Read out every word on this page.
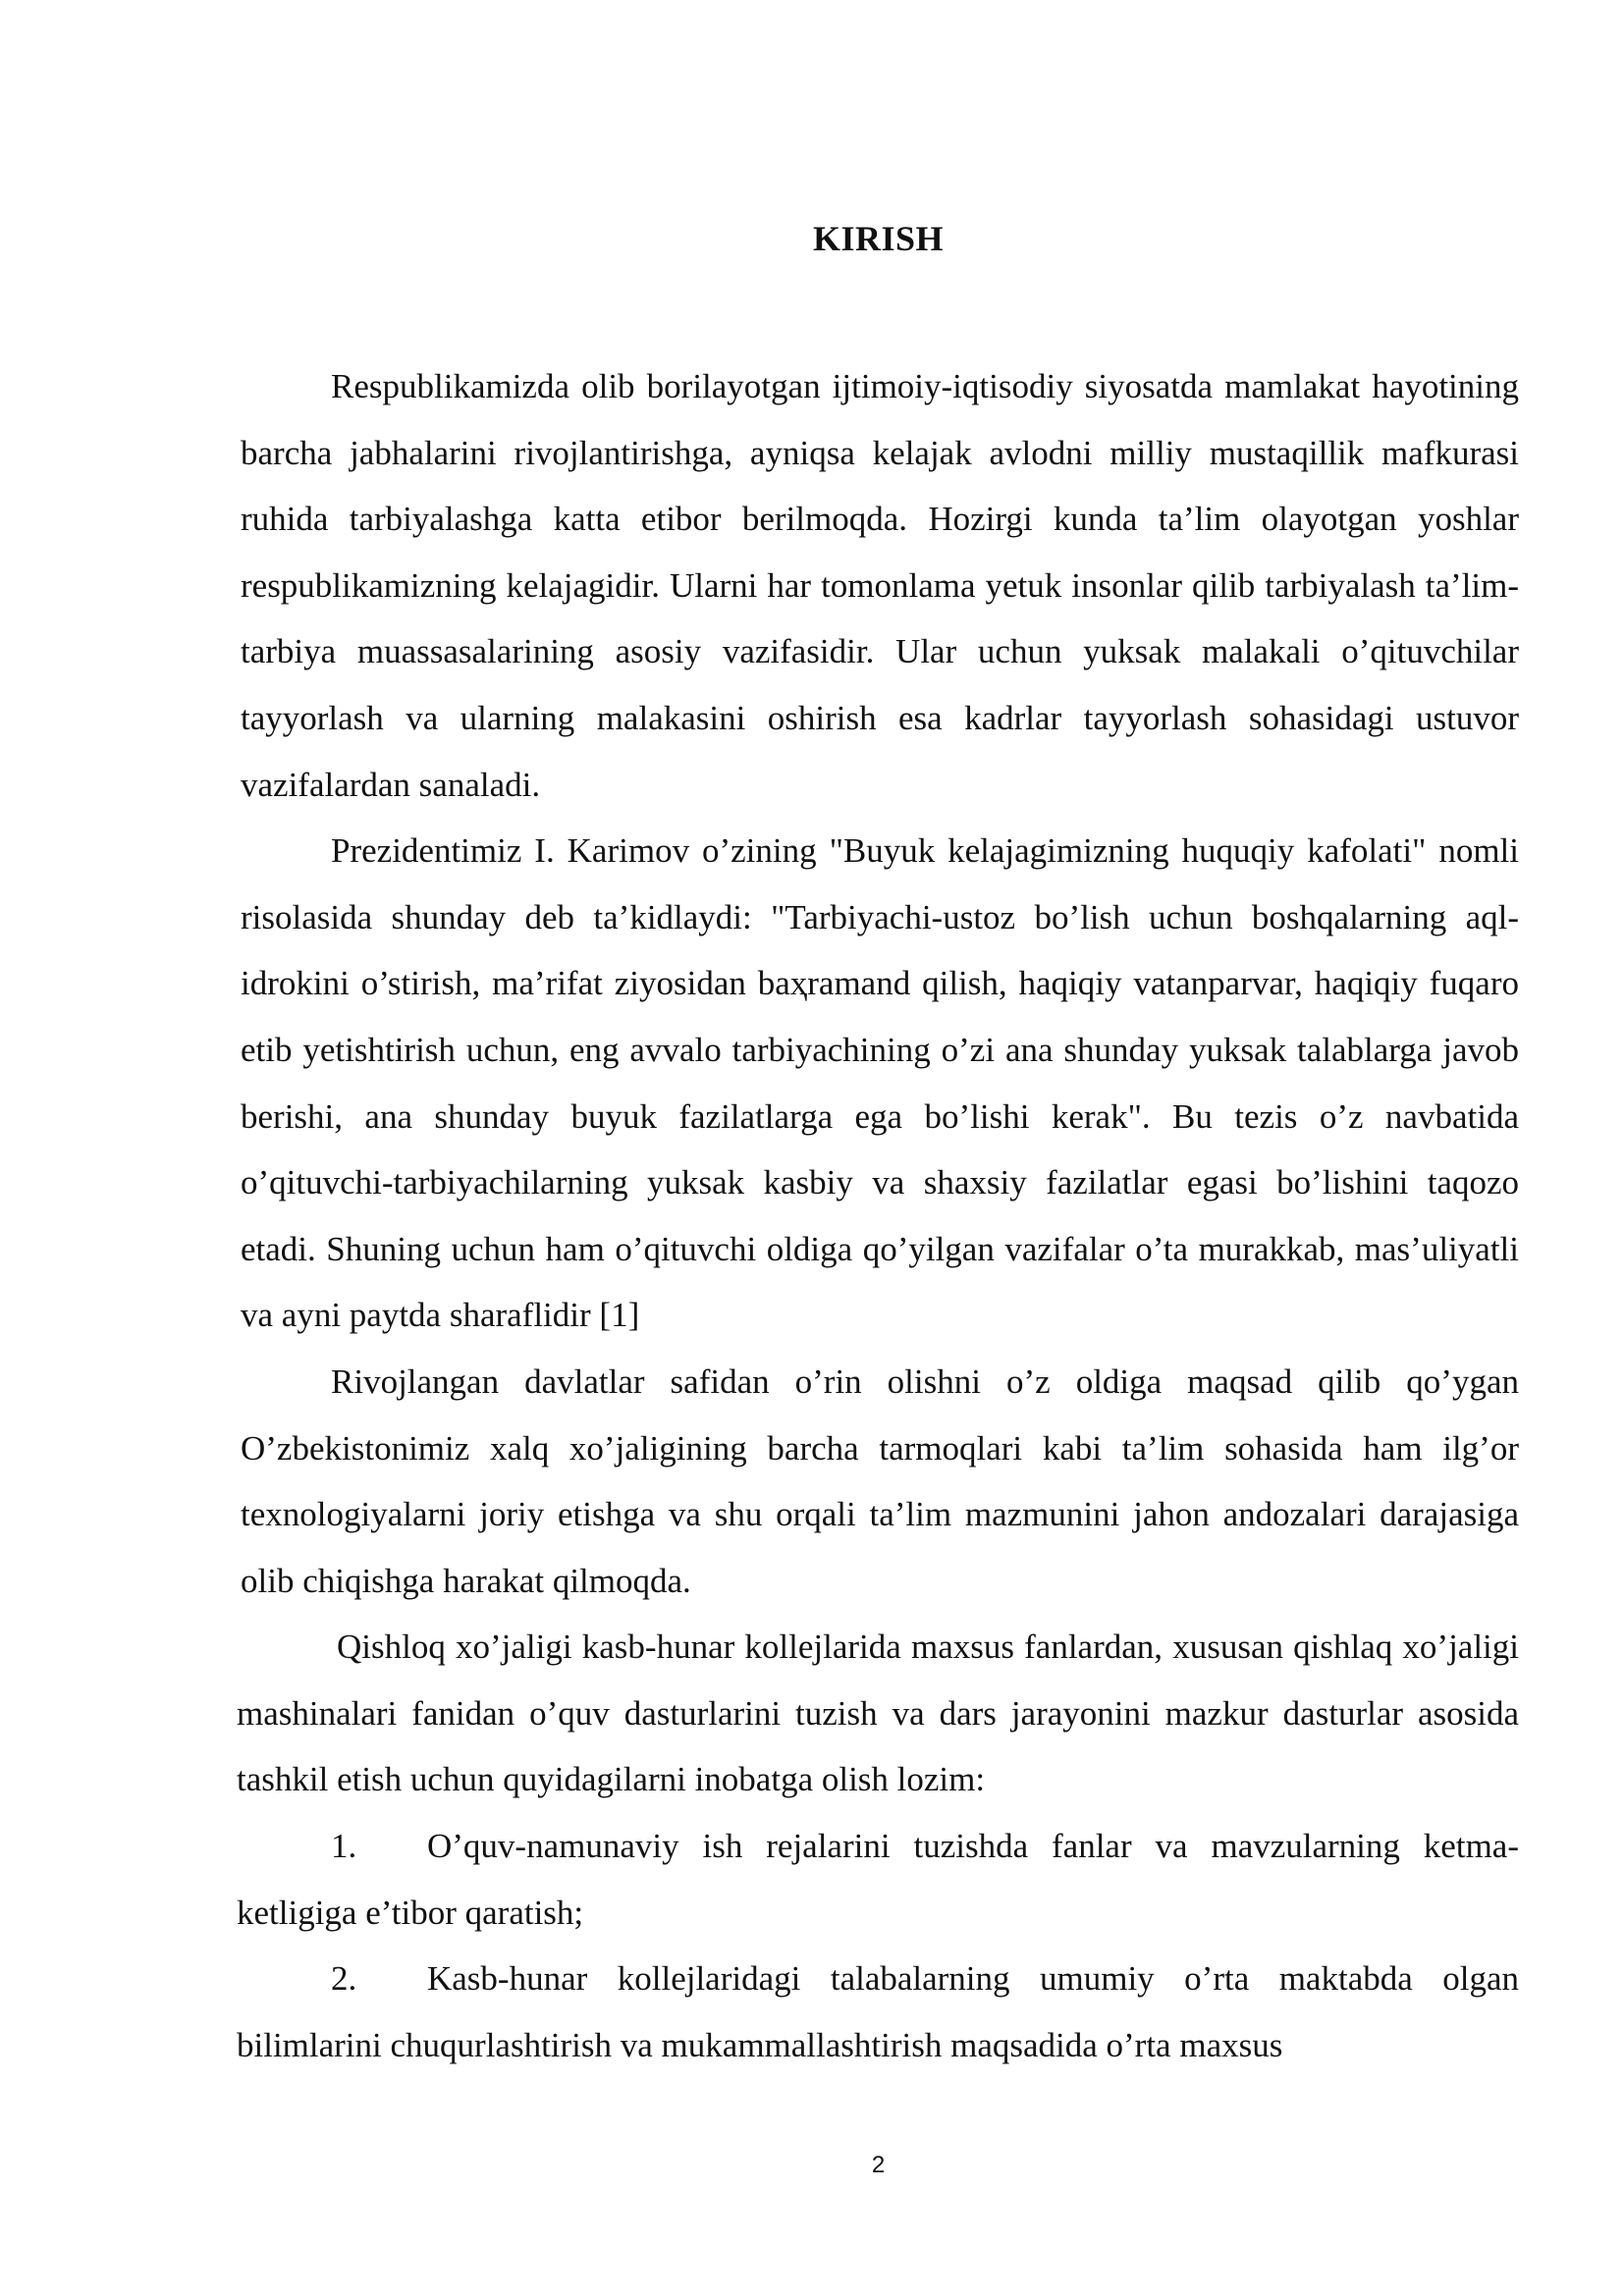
KIRISH

Respublikamizda olib borilayotgan ijtimoiy-iqtisodiy siyosatda mamlakat hayotining barcha jabhalarini rivojlantirishga, ayniqsa kelajak avlodni milliy mustaqillik mafkurasi ruhida tarbiyalashga katta etibor berilmoqda. Hozirgi kunda ta’lim olayotgan yoshlar respublikamizning kelajagidir. Ularni har tomonlama yetuk insonlar qilib tarbiyalash ta’lim-tarbiya muassasalarining asosiy vazifasidir. Ular uchun yuksak malakali o’qituvchilar tayyorlash va ularning malakasini oshirish esa kadrlar tayyorlash sohasidagi ustuvor vazifalardan sanaladi.

Prezidentimiz I. Karimov o’zining "Buyuk kelajagimizning huquqiy kafolati" nomli risolasida shunday deb ta’kidlaydi: "Tarbiyachi-ustoz bo’lish uchun boshqalarning aql-idrokini o’stirish, ma’rifat ziyosidan baҳramand qilish, haqiqiy vatanparvar, haqiqiy fuqaro etib yetishtirish uchun, eng avvalo tarbiyachining o’zi ana shunday yuksak talablarga javob berishi, ana shunday buyuk fazilatlarga ega bo’lishi kerak". Bu tezis o’z navbatida o’qituvchi-tarbiyachilarning yuksak kasbiy va shaxsiy fazilatlar egasi bo’lishini taqozo etadi. Shuning uchun ham o’qituvchi oldiga qo’yilgan vazifalar o’ta murakkab, mas’uliyatli va ayni paytda sharaflidir [1]

Rivojlangan davlatlar safidan o’rin olishni o’z oldiga maqsad qilib qo’ygan O’zbekistonimiz xalq xo’jaligining barcha tarmoqlari kabi ta’lim sohasida ham ilg’or texnologiyalarni joriy etishga va shu orqali ta’lim mazmunini jahon andozalari darajasiga olib chiqishga harakat qilmoqda.

Qishloq xo’jaligi kasb-hunar kollejlarida maxsus fanlardan, xususan qishlaq xo’jaligi mashinalari fanidan o’quv dasturlarini tuzish va dars jarayonini mazkur dasturlar asosida tashkil etish uchun quyidagilarni inobatga olish lozim:

1. O’quv-namunaviy ish rejalarini tuzishda fanlar va mavzularning ketma-ketligiga e’tibor qaratish;

2. Kasb-hunar kollejlaridagi talabalarning umumiy o’rta maktabda olgan bilimlarini chuqurlashtirish va mukammallashtirish maqsadida o’rta maxsus

2
